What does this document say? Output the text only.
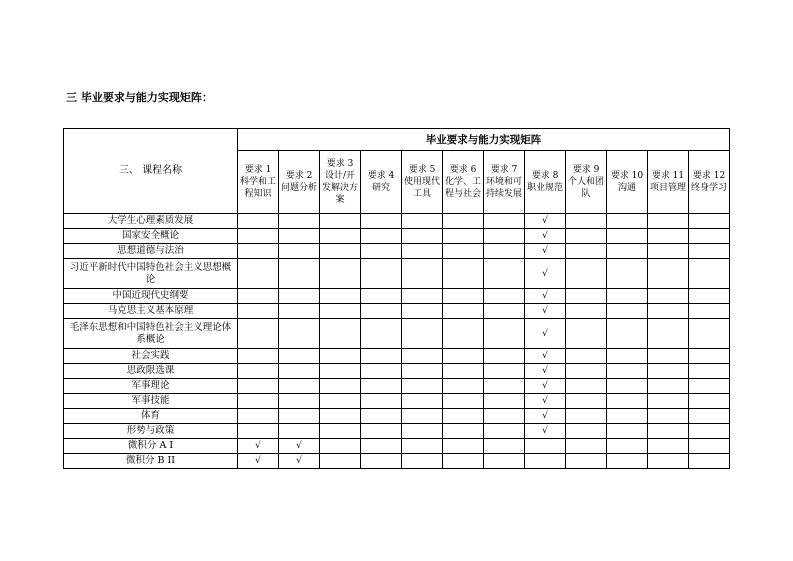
三 毕业要求与能力实现矩阵：
三、 课程名称	毕业要求与能力实现矩阵											
	要求 1 科学和工程知识	要求 2 问题分析	要求 3 设计/开发解决方案	要求 4 研究	要求 5 使用现代工具	要求 6 化学、工程与社会	要求 7 环境和可持续发展	要求 8 职业规范	要求 9 个人和团队	要求 10 沟通	要求 11 项目管理	要求 12 终身学习
大学生心理素质发展								√				
国家安全概论								√				
思想道德与法治								√				
习近平新时代中国特色社会主义思想概论								√				
中国近现代史纲要								√				
马克思主义基本原理								√				
毛泽东思想和中国特色社会主义理论体系概论								√				
社会实践								√				
思政限选课								√				
军事理论								√				
军事技能								√				
体育								√				
形势与政策								√				
微积分 A I	√	√										
微积分 B II	√	√										
